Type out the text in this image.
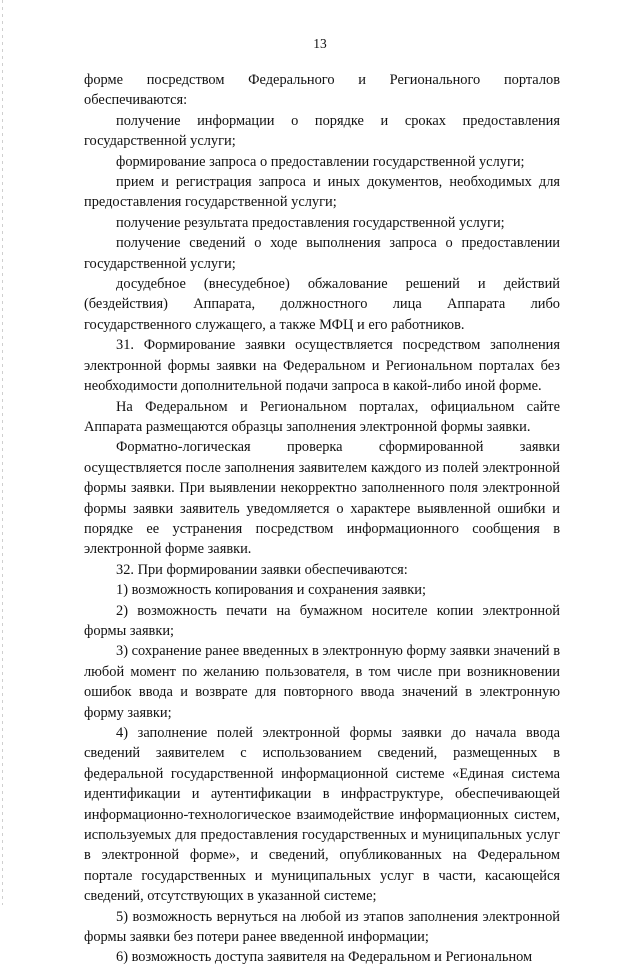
13

форме посредством Федерального и Регионального порталов обеспечиваются:

получение информации о порядке и сроках предоставления государственной услуги;

формирование запроса о предоставлении государственной услуги;

прием и регистрация запроса и иных документов, необходимых для предоставления государственной услуги;

получение результата предоставления государственной услуги;

получение сведений о ходе выполнения запроса о предоставлении государственной услуги;

досудебное (внесудебное) обжалование решений и действий (бездействия) Аппарата, должностного лица Аппарата либо государственного служащего, а также МФЦ и его работников.

31. Формирование заявки осуществляется посредством заполнения электронной формы заявки на Федеральном и Региональном порталах без необходимости дополнительной подачи запроса в какой-либо иной форме.

На Федеральном и Региональном порталах, официальном сайте Аппарата размещаются образцы заполнения электронной формы заявки.

Форматно-логическая проверка сформированной заявки осуществляется после заполнения заявителем каждого из полей электронной формы заявки. При выявлении некорректно заполненного поля электронной формы заявки заявитель уведомляется о характере выявленной ошибки и порядке ее устранения посредством информационного сообщения в электронной форме заявки.

32. При формировании заявки обеспечиваются:

1) возможность копирования и сохранения заявки;

2) возможность печати на бумажном носителе копии электронной формы заявки;

3) сохранение ранее введенных в электронную форму заявки значений в любой момент по желанию пользователя, в том числе при возникновении ошибок ввода и возврате для повторного ввода значений в электронную форму заявки;

4) заполнение полей электронной формы заявки до начала ввода сведений заявителем с использованием сведений, размещенных в федеральной государственной информационной системе «Единая система идентификации и аутентификации в инфраструктуре, обеспечивающей информационно-технологическое взаимодействие информационных систем, используемых для предоставления государственных и муниципальных услуг в электронной форме», и сведений, опубликованных на Федеральном портале государственных и муниципальных услуг в части, касающейся сведений, отсутствующих в указанной системе;

5) возможность вернуться на любой из этапов заполнения электронной формы заявки без потери ранее введенной информации;

6) возможность доступа заявителя на Федеральном и Региональном
